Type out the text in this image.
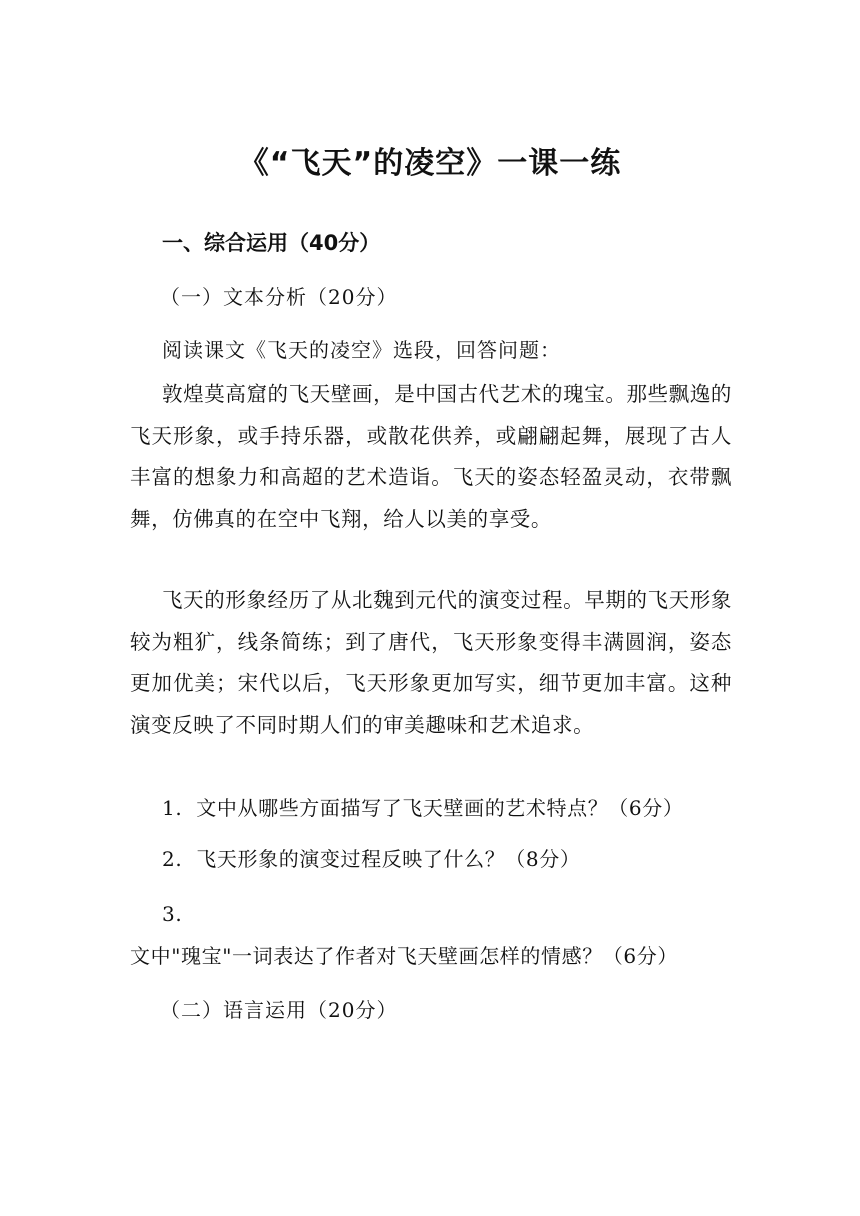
《“飞天”的凌空》一课一练
一、综合运用（40分）
（一）文本分析（20分）
阅读课文《飞天的凌空》选段，回答问题：

敦煌莫高窟的飞天壁画，是中国古代艺术的瑰宝。那些飘逸的飞天形象，或手持乐器，或散花供养，或翩翩起舞，展现了古人丰富的想象力和高超的艺术造诣。飞天的姿态轻盈灵动，衣带飘舞，仿佛真的在空中飞翔，给人以美的享受。

飞天的形象经历了从北魏到元代的演变过程。早期的飞天形象较为粗犷，线条简练；到了唐代，飞天形象变得丰满圆润，姿态更加优美；宋代以后，飞天形象更加写实，细节更加丰富。这种演变反映了不同时期人们的审美趣味和艺术追求。

1. 文中从哪些方面描写了飞天壁画的艺术特点？（6分）
2. 飞天形象的演变过程反映了什么？（8分）
3.文中"瑰宝"一词表达了作者对飞天壁画怎样的情感？（6分）
（二）语言运用（20分）
